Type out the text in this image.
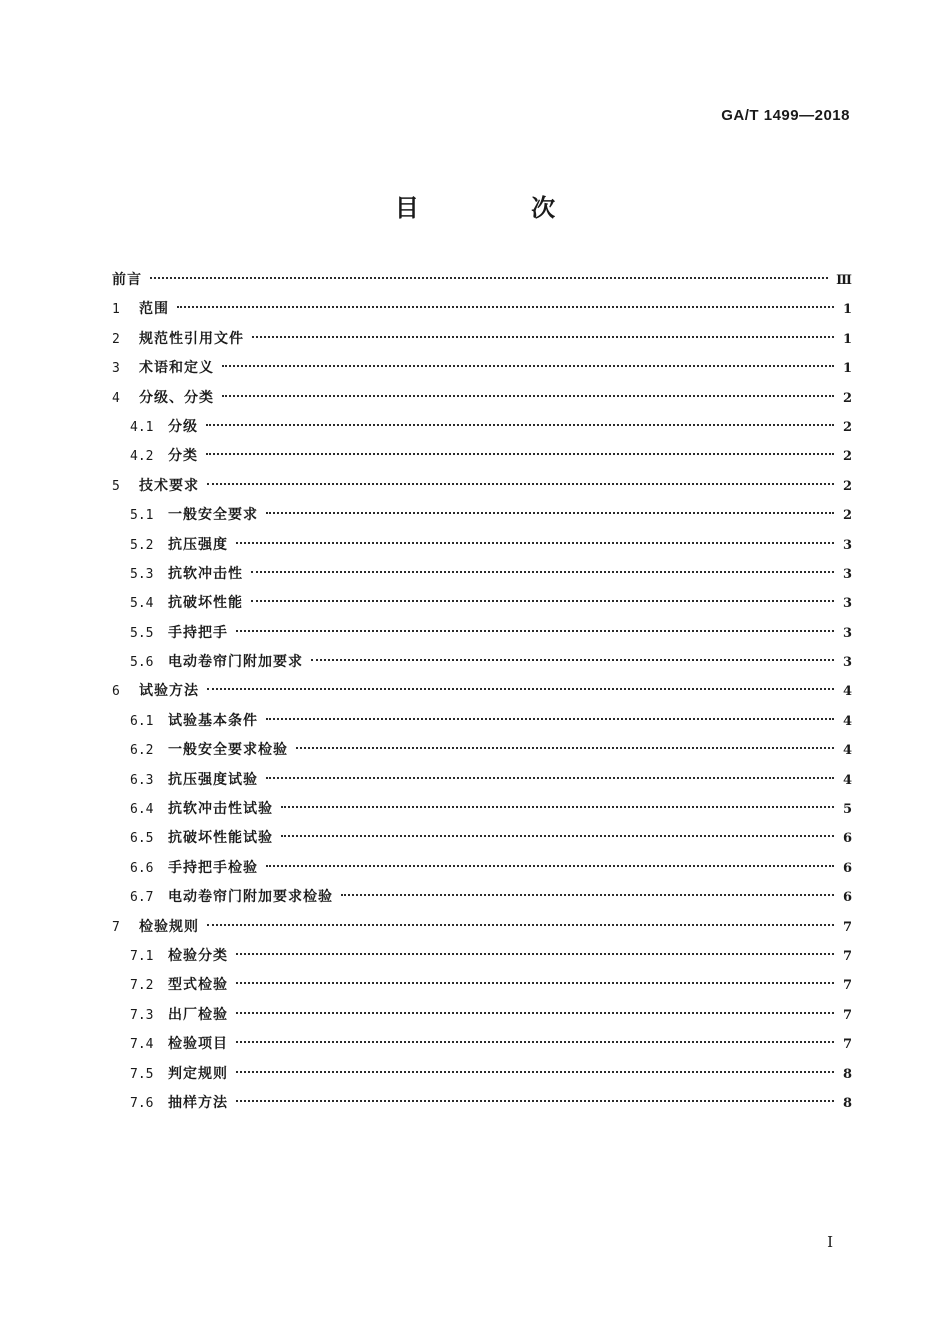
GA/T 1499—2018
目 次
前言	Ⅲ
1	范围	1
2	规范性引用文件	1
3	术语和定义	1
4	分级、分类	2
4.1	分级	2
4.2	分类	2
5	技术要求	2
5.1	一般安全要求	2
5.2	抗压强度	3
5.3	抗软冲击性	3
5.4	抗破坏性能	3
5.5	手持把手	3
5.6	电动卷帘门附加要求	3
6	试验方法	4
6.1	试验基本条件	4
6.2	一般安全要求检验	4
6.3	抗压强度试验	4
6.4	抗软冲击性试验	5
6.5	抗破坏性能试验	6
6.6	手持把手检验	6
6.7	电动卷帘门附加要求检验	6
7	检验规则	7
7.1	检验分类	7
7.2	型式检验	7
7.3	出厂检验	7
7.4	检验项目	7
7.5	判定规则	8
7.6	抽样方法	8
I
